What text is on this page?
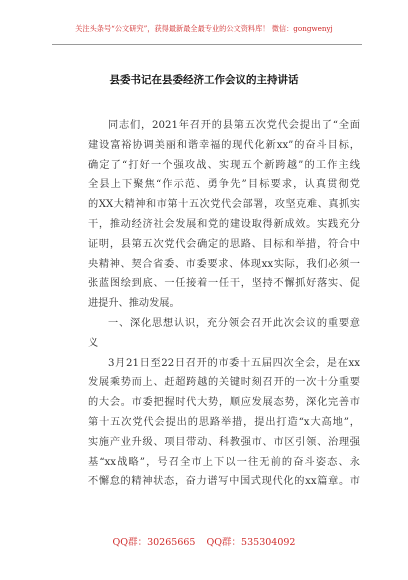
关注头条号“公文研究”，获得最新最全最专业的公文资料库！ 微信：gongwenyj
县委书记在县委经济工作会议的主持讲话
同志们，2021年召开的县第五次党代会提出了“全面
建设富裕协调美丽和谐幸福的现代化新xx”的奋斗目标，
确定了“打好一个强攻战、实现五个新跨越”的工作主线
全县上下聚焦“作示范、勇争先”目标要求，认真贯彻党
的XX大精神和市第十五次党代会部署，攻坚克难、真抓实
干，推动经济社会发展和党的建设取得新成效。实践充分
证明，县第五次党代会确定的思路、目标和举措，符合中
央精神、契合省委、市委要求、体现xx实际，我们必须一
张蓝图绘到底、一任接着一任干，坚持不懈抓好落实、促
进提升、推动发展。
一、深化思想认识，充分领会召开此次会议的重要意
义
3月21日至22日召开的市委十五届四次全会，是在xx
发展乘势而上、赶超跨越的关键时刻召开的一次十分重要
的大会。市委把握时代大势，顺应发展态势，深化完善市
第十五次党代会提出的思路举措，提出打造“x大高地”，
实施产业升级、项目带动、科教强市、市区引领、治理强
基“xx战略”，号召全市上下以一往无前的奋斗姿态、永
不懈怠的精神状态，奋力谱写中国式现代化的xx篇章。市
QQ群：30265665 QQ群：535304092
